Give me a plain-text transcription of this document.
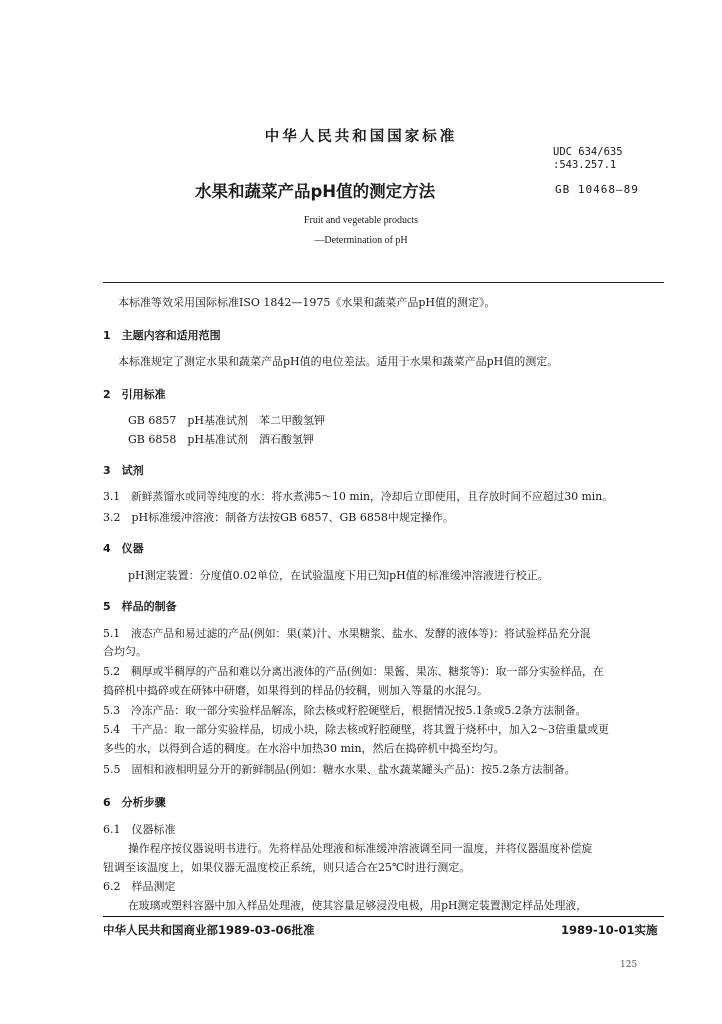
中华人民共和国国家标准
UDC 634/635
:543.257.1
水果和蔬菜产品pH值的测定方法	GB 10468—89
Fruit and vegetable products
—Determination of pH
本标准等效采用国际标准ISO 1842—1975《水果和蔬菜产品pH值的测定》。
1　主题内容和适用范围
本标准规定了测定水果和蔬菜产品pH值的电位差法。适用于水果和蔬菜产品pH值的测定。
2　引用标准
GB 6857　pH基准试剂　苯二甲酸氢钾
GB 6858　pH基准试剂　酒石酸氢钾
3　试剂
3.1　新鲜蒸馏水或同等纯度的水：将水煮沸5～10 min，冷却后立即使用，且存放时间不应超过30 min。
3.2　pH标准缓冲溶液：制备方法按GB 6857、GB 6858中规定操作。
4　仪器
pH测定装置：分度值0.02单位，在试验温度下用已知pH值的标准缓冲溶液进行校正。
5　样品的制备
5.1　液态产品和易过滤的产品(例如：果(菜)汁、水果糖浆、盐水、发酵的液体等)：将试验样品充分混
合均匀。
5.2　稠厚或半稠厚的产品和难以分离出液体的产品(例如：果酱、果冻、糖浆等)：取一部分实验样品，在
捣碎机中捣碎或在研钵中研磨，如果得到的样品仍较稠，则加入等量的水混匀。
5.3　冷冻产品：取一部分实验样品解冻，除去核或籽腔硬壁后，根据情况按5.1条或5.2条方法制备。
5.4　干产品：取一部分实验样品，切成小块，除去核或籽腔硬壁，将其置于烧杯中，加入2～3倍重量或更
多些的水，以得到合适的稠度。在水浴中加热30 min，然后在捣碎机中捣至均匀。
5.5　固相和液相明显分开的新鲜制品(例如：糖水水果、盐水蔬菜罐头产品)：按5.2条方法制备。
6　分析步骤
6.1　仪器标准
操作程序按仪器说明书进行。先将样品处理液和标准缓冲溶液调至同一温度，并将仪器温度补偿旋
钮调至该温度上，如果仪器无温度校正系统，则只适合在25℃时进行测定。
6.2　样品测定
在玻璃或塑料容器中加入样品处理液，使其容量足够浸没电极，用pH测定装置测定样品处理液，
中华人民共和国商业部1989-03-06批准	1989-10-01实施
125
